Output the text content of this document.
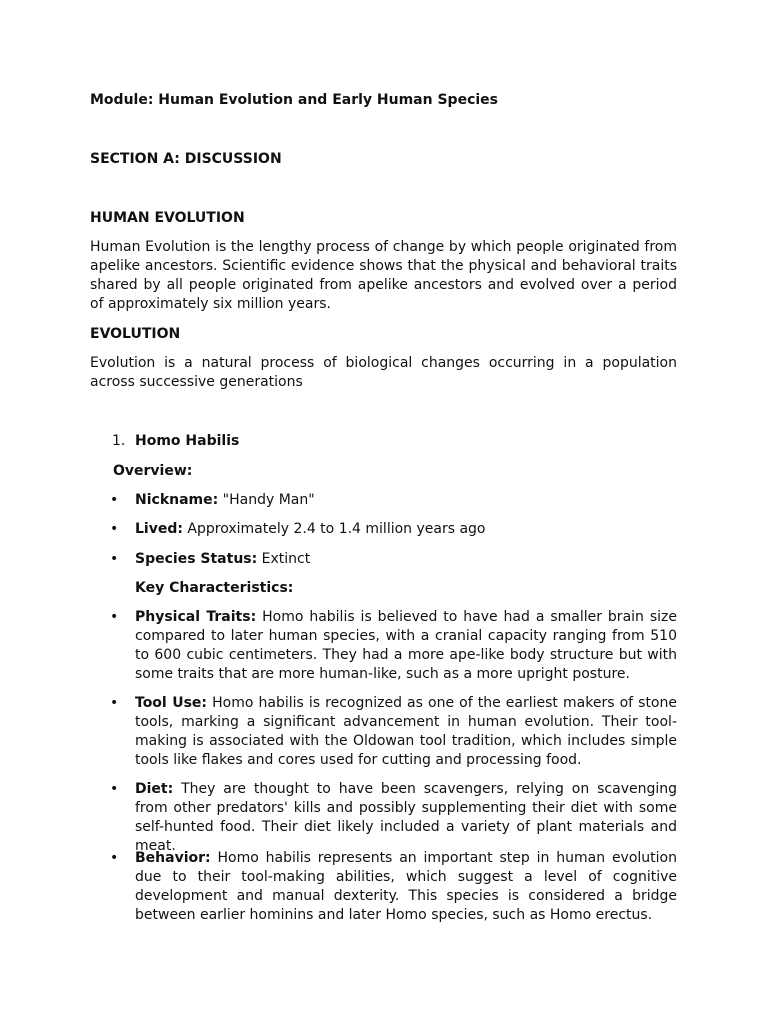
Module: Human Evolution and Early Human Species

SECTION A: DISCUSSION

HUMAN EVOLUTION

Human Evolution is the lengthy process of change by which people originated from apelike ancestors. Scientific evidence shows that the physical and behavioral traits shared by all people originated from apelike ancestors and evolved over a period of approximately six million years.

EVOLUTION

Evolution is a natural process of biological changes occurring in a population across successive generations

1. Homo Habilis

Overview:

• Nickname: "Handy Man"

• Lived: Approximately 2.4 to 1.4 million years ago

• Species Status: Extinct

Key Characteristics:

• Physical Traits: Homo habilis is believed to have had a smaller brain size compared to later human species, with a cranial capacity ranging from 510 to 600 cubic centimeters. They had a more ape-like body structure but with some traits that are more human-like, such as a more upright posture.

• Tool Use: Homo habilis is recognized as one of the earliest makers of stone tools, marking a significant advancement in human evolution. Their tool-making is associated with the Oldowan tool tradition, which includes simple tools like flakes and cores used for cutting and processing food.

• Diet: They are thought to have been scavengers, relying on scavenging from other predators' kills and possibly supplementing their diet with some self-hunted food. Their diet likely included a variety of plant materials and meat.

• Behavior: Homo habilis represents an important step in human evolution due to their tool-making abilities, which suggest a level of cognitive development and manual dexterity. This species is considered a bridge between earlier hominins and later Homo species, such as Homo erectus.
